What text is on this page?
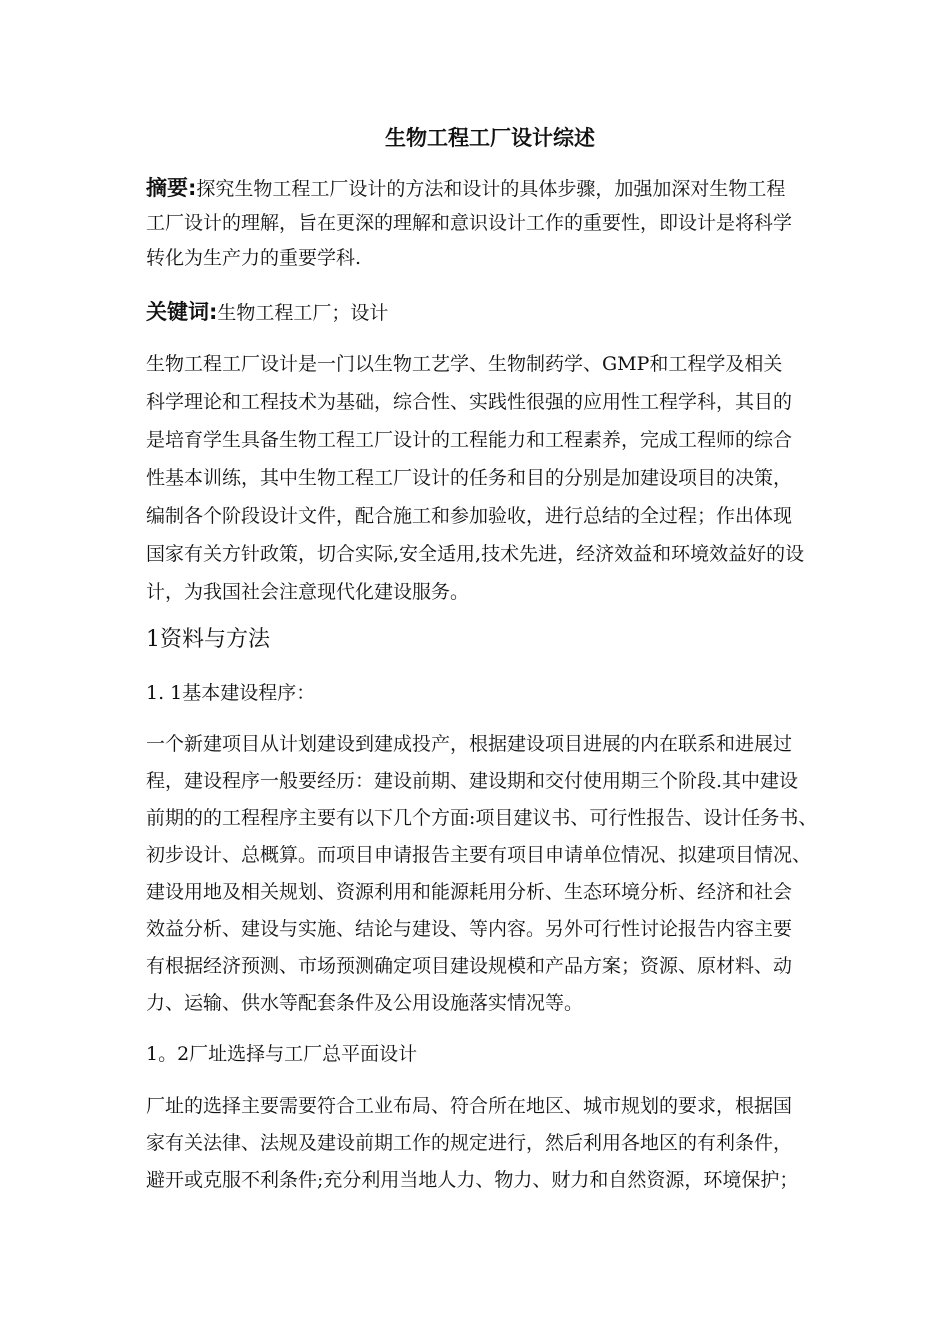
生物工程工厂设计综述
摘要:探究生物工程工厂设计的方法和设计的具体步骤，加强加深对生物工程
工厂设计的理解，旨在更深的理解和意识设计工作的重要性，即设计是将科学
转化为生产力的重要学科.
关键词:生物工程工厂；设计
生物工程工厂设计是一门以生物工艺学、生物制药学、GMP和工程学及相关
科学理论和工程技术为基础，综合性、实践性很强的应用性工程学科，其目的
是培育学生具备生物工程工厂设计的工程能力和工程素养，完成工程师的综合
性基本训练，其中生物工程工厂设计的任务和目的分别是加建设项目的决策，
编制各个阶段设计文件，配合施工和参加验收，进行总结的全过程；作出体现
国家有关方针政策，切合实际,安全适用,技术先进，经济效益和环境效益好的设
计，为我国社会注意现代化建设服务。
1资料与方法
1. 1基本建设程序：
一个新建项目从计划建设到建成投产，根据建设项目进展的内在联系和进展过
程，建设程序一般要经历：建设前期、建设期和交付使用期三个阶段.其中建设
前期的的工程程序主要有以下几个方面:项目建议书、可行性报告、设计任务书、
初步设计、总概算。而项目申请报告主要有项目申请单位情况、拟建项目情况、
建设用地及相关规划、资源利用和能源耗用分析、生态环境分析、经济和社会
效益分析、建设与实施、结论与建设、等内容。另外可行性讨论报告内容主要
有根据经济预测、市场预测确定项目建设规模和产品方案；资源、原材料、动
力、运输、供水等配套条件及公用设施落实情况等。
1。2厂址选择与工厂总平面设计
厂址的选择主要需要符合工业布局、符合所在地区、城市规划的要求，根据国
家有关法律、法规及建设前期工作的规定进行，然后利用各地区的有利条件，
避开或克服不利条件;充分利用当地人力、物力、财力和自然资源，环境保护；
